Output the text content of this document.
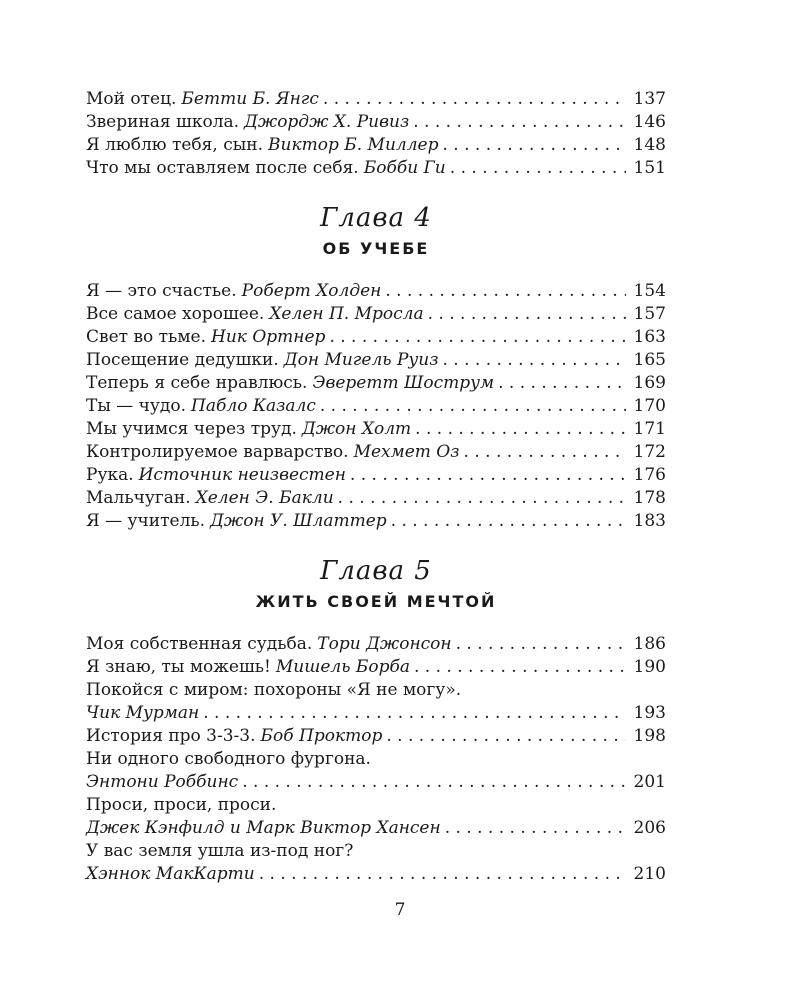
Мой отец. Бетти Б. Янгс . . .	137
Звериная школа. Джордж Х. Ривиз . . .	146
Я люблю тебя, сын. Виктор Б. Миллер . . .	148
Что мы оставляем после себя. Бобби Ги . . .	151
Глава 4
ОБ УЧЕБЕ
Я — это счастье. Роберт Холден . . .	154
Все самое хорошее. Хелен П. Мросла . . .	157
Свет во тьме. Ник Ортнер . . .	163
Посещение дедушки. Дон Мигель Руиз . . .	165
Теперь я себе нравлюсь. Эверетт Шострум . . .	169
Ты — чудо. Пабло Казалс . . .	170
Мы учимся через труд. Джон Холт . . .	171
Контролируемое варварство. Мехмет Оз . . .	172
Рука. Источник неизвестен . . .	176
Мальчуган. Хелен Э. Бакли . . .	178
Я — учитель. Джон У. Шлаттер . . .	183
Глава 5
ЖИТЬ СВОЕЙ МЕЧТОЙ
Моя собственная судьба. Тори Джонсон . . .	186
Я знаю, ты можешь! Мишель Борба . . .	190
Покойся с миром: похороны «Я не могу».
Чик Мурман . . .	193
История про 3-3-3. Боб Проктор . . .	198
Ни одного свободного фургона.
Энтони Роббинс . . .	201
Проси, проси, проси.
Джек Кэнфилд и Марк Виктор Хансен . . .	206
У вас земля ушла из-под ног?
Хэннок МакКарти . . .	210
7
